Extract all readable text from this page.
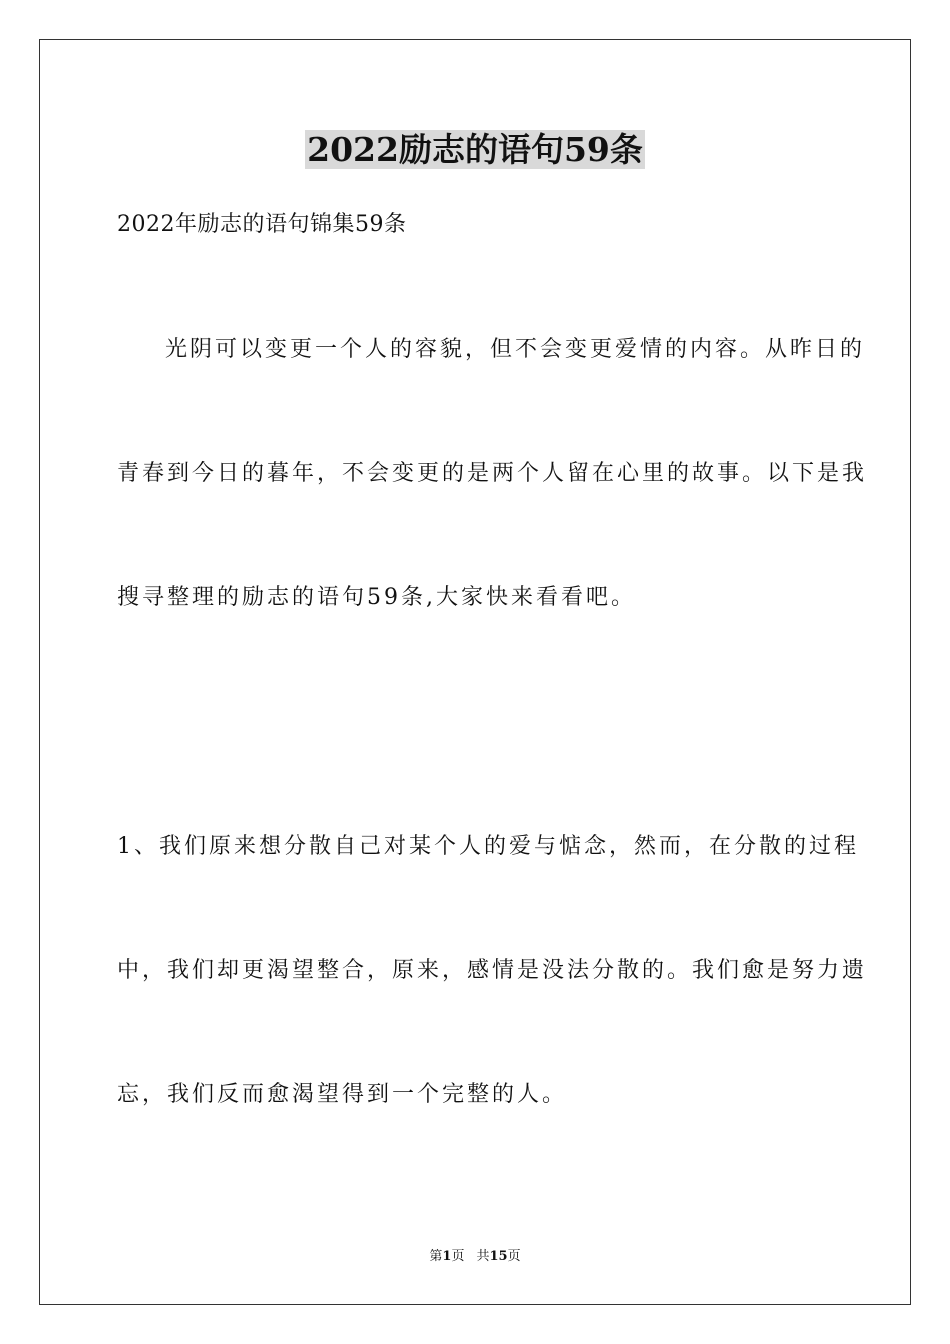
2022励志的语句59条

2022年励志的语句锦集59条

光阴可以变更一个人的容貌，但不会变更爱情的内容。从昨日的

青春到今日的暮年，不会变更的是两个人留在心里的故事。以下是我

搜寻整理的励志的语句59条,大家快来看看吧。

1、我们原来想分散自己对某个人的爱与惦念，然而，在分散的过程

中，我们却更渴望整合，原来，感情是没法分散的。我们愈是努力遗

忘，我们反而愈渴望得到一个完整的人。

第1页 共15页
